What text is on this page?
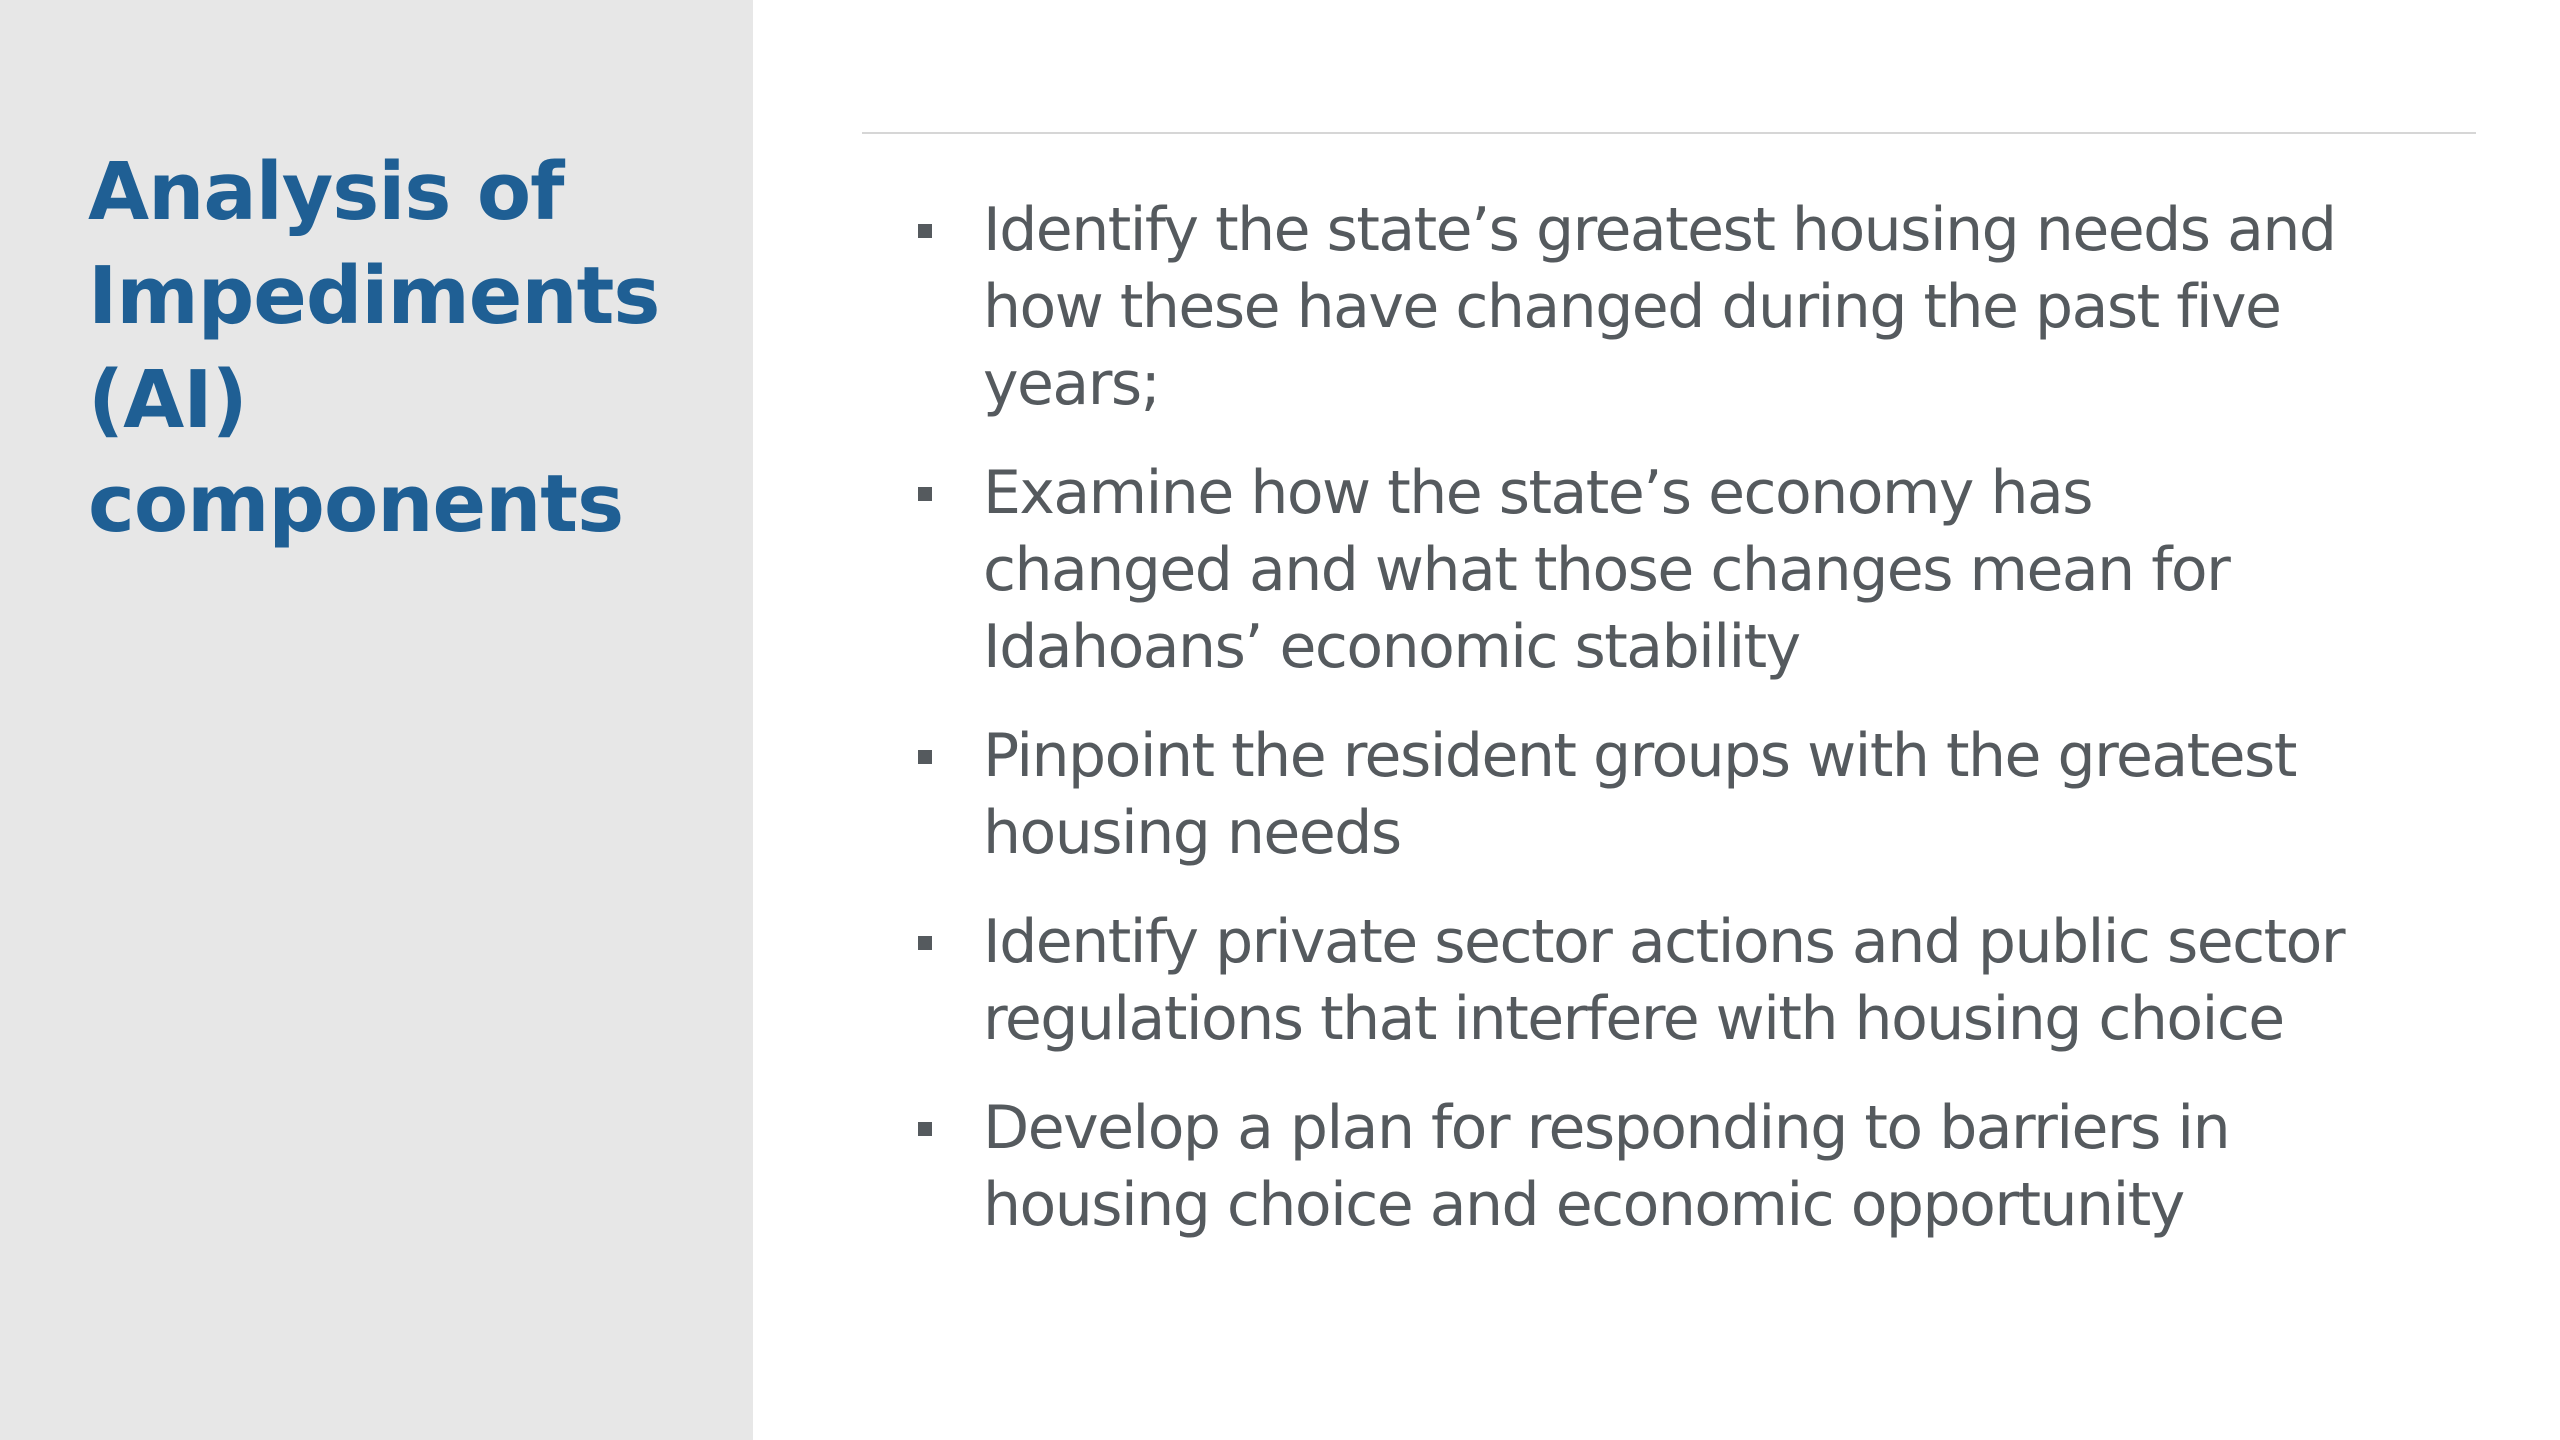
Analysis of
Impediments
(AI)
components
Identify the state’s greatest housing needs and how these have changed during the past five years;
Examine how the state’s economy has changed and what those changes mean for Idahoans’ economic stability
Pinpoint the resident groups with the greatest housing needs
Identify private sector actions and public sector regulations that interfere with housing choice
Develop a plan for responding to barriers in housing choice and economic opportunity
